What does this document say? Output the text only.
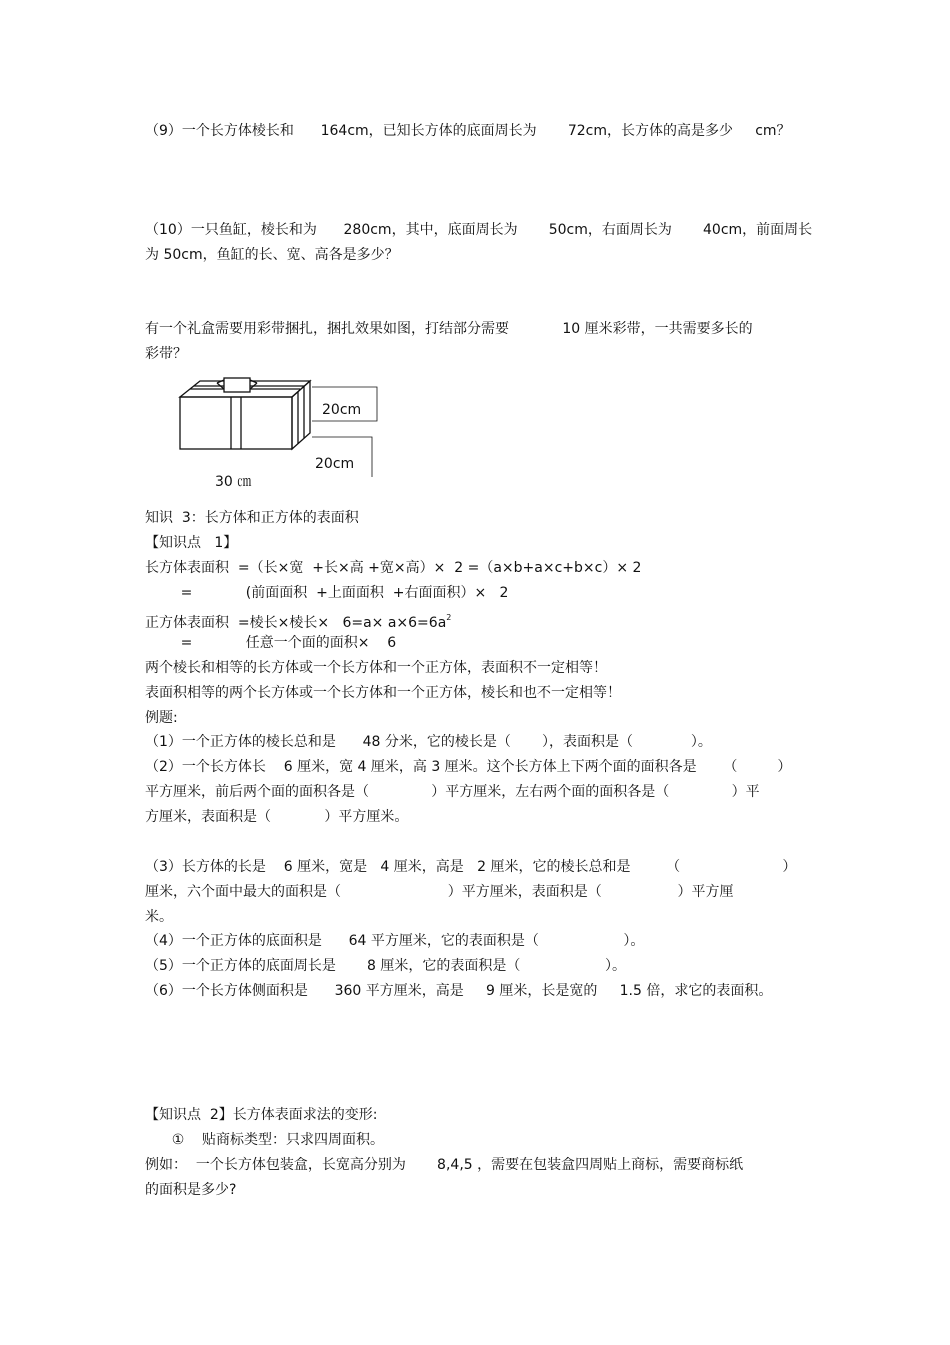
（9）一个长方体棱长和      164cm，已知长方体的底面周长为       72cm，长方体的高是多少     cm？
（10）一只鱼缸，棱长和为      280cm，其中，底面周长为       50cm，右面周长为       40cm，前面周长
为 50cm，鱼缸的长、宽、高各是多少？
有一个礼盒需要用彩带捆扎，捆扎效果如图，打结部分需要            10 厘米彩带，一共需要多长的
彩带？
20cm
20cm
30 ㎝
知识  3：长方体和正方体的表面积
【知识点   1】
长方体表面积  =（长×宽  +长×高 +宽×高）×  2 =（a×b+a×c+b×c）× 2
=            (前面面积  +上面面积  +右面面积）×   2
正方体表面积  =棱长×棱长×   $6=a\times a\times 6=6a^2$
=            任意一个面的面积×    6
两个棱长和相等的长方体或一个长方体和一个正方体，表面积不一定相等！
表面积相等的两个长方体或一个长方体和一个正方体，棱长和也不一定相等！
例题:
（1）一个正方体的棱长总和是      48 分米，它的棱长是（       ），表面积是（             ）。
（2）一个长方体长    6 厘米，宽 4 厘米，高 3 厘米。这个长方体上下两个面的面积各是      （         ）
平方厘米，前后两个面的面积各是（              ）平方厘米，左右两个面的面积各是（              ）平
方厘米，表面积是（            ）平方厘米。
（3）长方体的长是    6 厘米，宽是   4 厘米，高是   2 厘米，它的棱长总和是        （                       ）
厘米，六个面中最大的面积是（                        ）平方厘米，表面积是（                 ）平方厘
米。
（4）一个正方体的底面积是      64 平方厘米，它的表面积是（                   ）。
（5）一个正方体的底面周长是       8 厘米，它的表面积是（                   ）。
（6）一个长方体侧面积是      360 平方厘米，高是     9 厘米，长是宽的     1.5 倍，求它的表面积。
【知识点  2】长方体表面求法的变形:
①    贴商标类型：只求四周面积。
例如：  一个长方体包装盒，长宽高分别为       8,4,5 ，需要在包装盒四周贴上商标，需要商标纸
的面积是多少?
